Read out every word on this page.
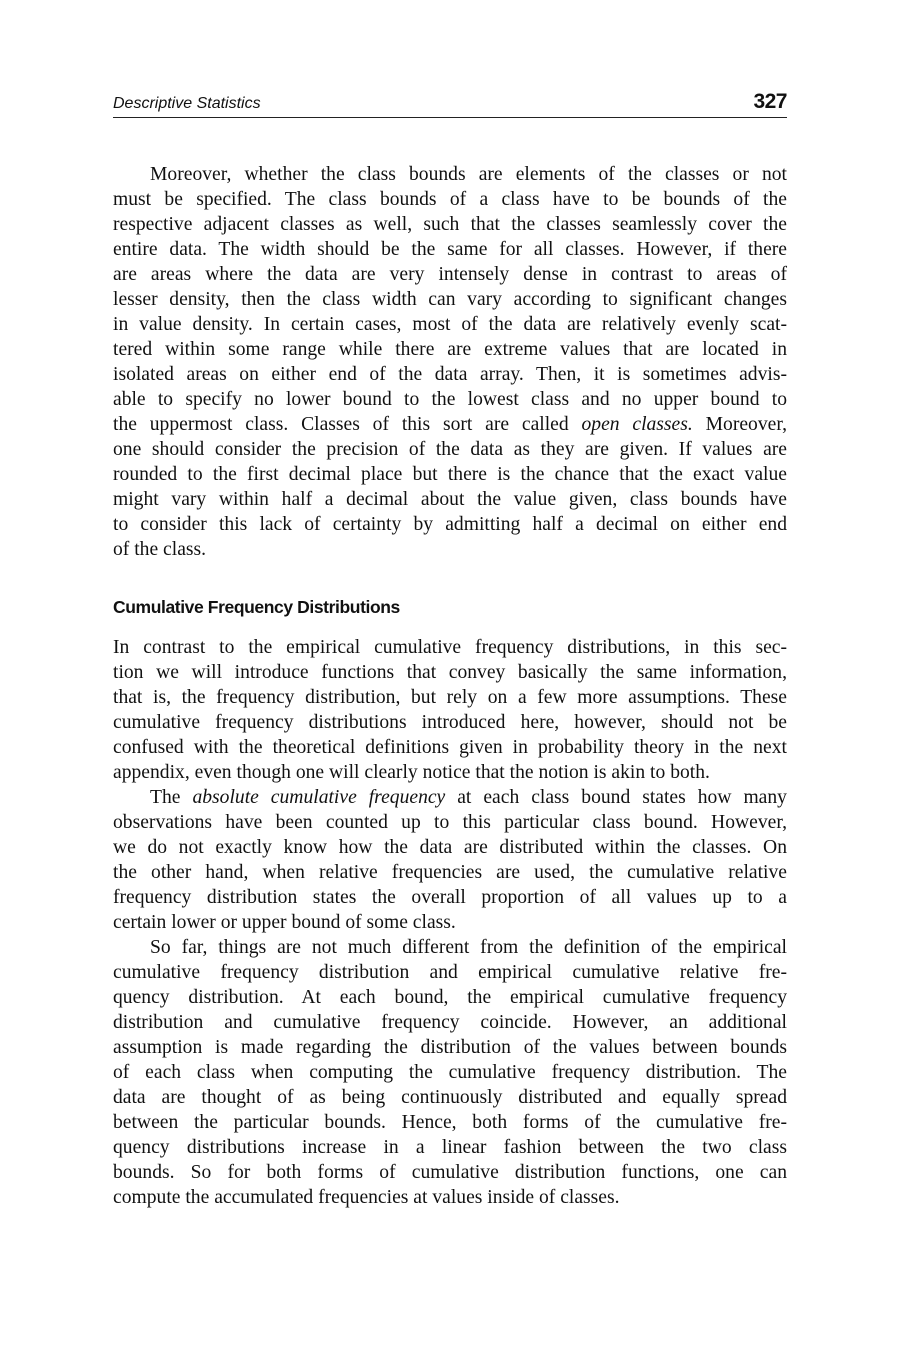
Descriptive Statistics	327
Moreover, whether the class bounds are elements of the classes or not
must be specified. The class bounds of a class have to be bounds of the
respective adjacent classes as well, such that the classes seamlessly cover the
entire data. The width should be the same for all classes. However, if there
are areas where the data are very intensely dense in contrast to areas of
lesser density, then the class width can vary according to significant changes
in value density. In certain cases, most of the data are relatively evenly scat-
tered within some range while there are extreme values that are located in
isolated areas on either end of the data array. Then, it is sometimes advis-
able to specify no lower bound to the lowest class and no upper bound to
the uppermost class. Classes of this sort are called open classes. Moreover,
one should consider the precision of the data as they are given. If values are
rounded to the first decimal place but there is the chance that the exact value
might vary within half a decimal about the value given, class bounds have
to consider this lack of certainty by admitting half a decimal on either end
of the class.
Cumulative Frequency Distributions
In contrast to the empirical cumulative frequency distributions, in this sec-
tion we will introduce functions that convey basically the same information,
that is, the frequency distribution, but rely on a few more assumptions. These
cumulative frequency distributions introduced here, however, should not be
confused with the theoretical definitions given in probability theory in the next
appendix, even though one will clearly notice that the notion is akin to both.
The absolute cumulative frequency at each class bound states how many
observations have been counted up to this particular class bound. However,
we do not exactly know how the data are distributed within the classes. On
the other hand, when relative frequencies are used, the cumulative relative
frequency distribution states the overall proportion of all values up to a
certain lower or upper bound of some class.
So far, things are not much different from the definition of the empirical
cumulative frequency distribution and empirical cumulative relative fre-
quency distribution. At each bound, the empirical cumulative frequency
distribution and cumulative frequency coincide. However, an additional
assumption is made regarding the distribution of the values between bounds
of each class when computing the cumulative frequency distribution. The
data are thought of as being continuously distributed and equally spread
between the particular bounds. Hence, both forms of the cumulative fre-
quency distributions increase in a linear fashion between the two class
bounds. So for both forms of cumulative distribution functions, one can
compute the accumulated frequencies at values inside of classes.
